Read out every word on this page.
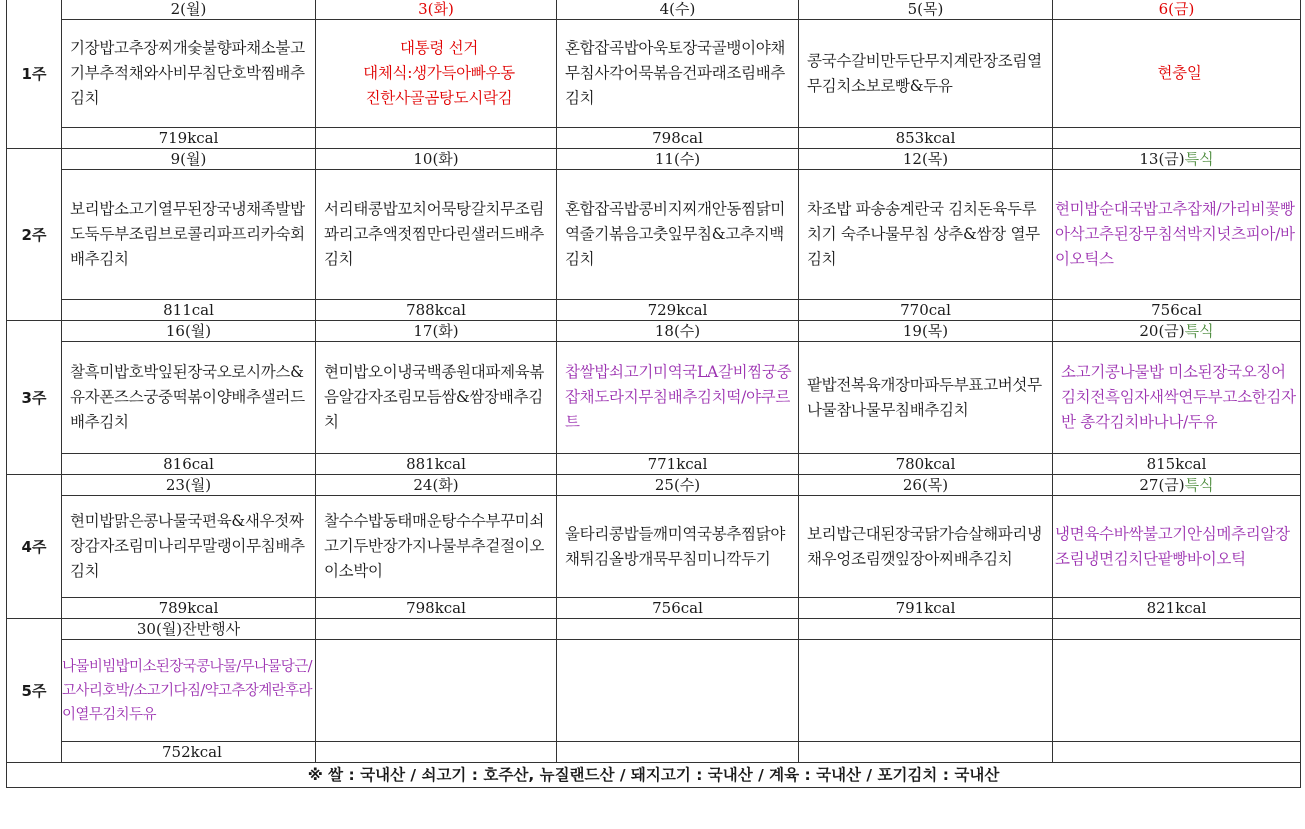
1주	2(월)	3(화)	4(수)	5(목)	6(금)
	기장밥고추장찌개숯불향파채소불고기부추적채와사비무침단호박찜배추김치	대통령 선거
대체식:생가득아빠우동
진한사골곰탕도시락김	혼합잡곡밥아욱토장국골뱅이야채무침사각어묵볶음건파래조림배추김치	콩국수갈비만두단무지계란장조림열무김치소보로빵&두유	현충일
	719kcal		798cal	853kcal	
2주	9(월)	10(화)	11(수)	12(목)	13(금)특식
	보리밥소고기열무된장국냉채족발밥도둑두부조림브로콜리파프리카숙회배추김치	서리태콩밥꼬치어묵탕갈치무조림꽈리고추액젓찜만다린샐러드배추김치	혼합잡곡밥콩비지찌개안동찜닭미역줄기볶음고춧잎무침&고추지백김치	차조밥 파송송계란국 김치돈육두루치기 숙주나물무침 상추&쌈장 열무김치	현미밥순대국밥고추잡채/가리비꽃빵아삭고추된장무침석박지넛츠피아/바이오틱스
	811cal	788kcal	729kcal	770cal	756cal
3주	16(월)	17(화)	18(수)	19(목)	20(금)특식
	찰흑미밥호박잎된장국오로시까스&유자폰즈스궁중떡볶이양배추샐러드배추김치	현미밥오이냉국백종원대파제육볶음알감자조림모듬쌈&쌈장배추김치	찹쌀밥쇠고기미역국LA갈비찜궁중잡채도라지무침배추김치떡/야쿠르트	팥밥전복육개장마파두부표고버섯무나물참나물무침배추김치	소고기콩나물밥 미소된장국오징어김치전흑임자새싹연두부고소한김자반 총각김치바나나/두유
	816cal	881kcal	771kcal	780kcal	815kcal
4주	23(월)	24(화)	25(수)	26(목)	27(금)특식
	현미밥맑은콩나물국편육&새우젓짜장감자조림미나리무말랭이무침배추김치	찰수수밥동태매운탕수수부꾸미쇠고기두반장가지나물부추겉절이오이소박이	울타리콩밥들깨미역국봉추찜닭야채튀김올방개묵무침미니깍두기	보리밥근대된장국닭가슴살해파리냉채우엉조림깻잎장아찌배추김치	냉면육수바싹불고기안심메추리알장조림냉면김치단팥빵바이오틱
	789kcal	798kcal	756cal	791kcal	821kcal
5주	30(월)잔반행사				
	나물비빔밥미소된장국콩나물/무나물당근/고사리호박/소고기다짐/약고추장계란후라이열무김치두유				
	752kcal				
※ 쌀 : 국내산 / 쇠고기 : 호주산, 뉴질랜드산 / 돼지고기 : 국내산 / 계육 : 국내산 / 포기김치 : 국내산					
